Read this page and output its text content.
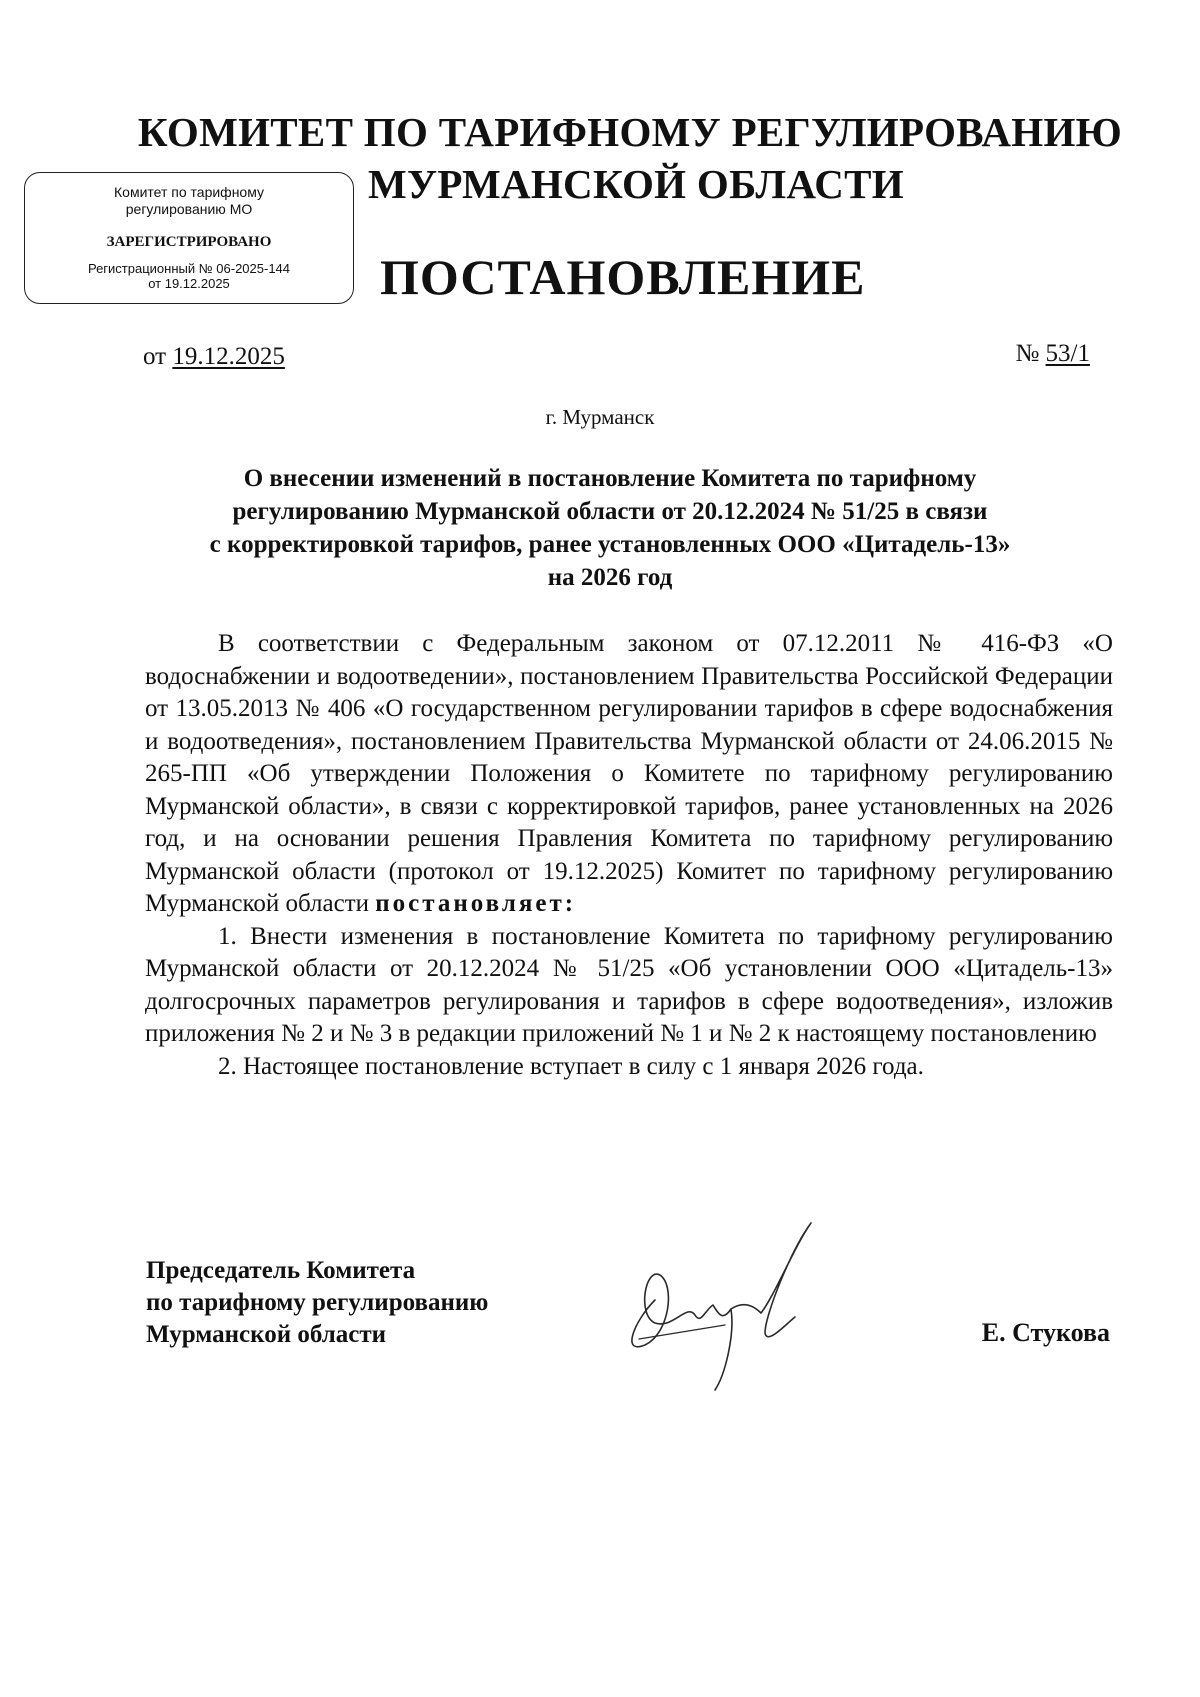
КОМИТЕТ ПО ТАРИФНОМУ РЕГУЛИРОВАНИЮ
МУРМАНСКОЙ ОБЛАСТИ
Комитет по тарифному регулированию МО
ЗАРЕГИСТРИРОВАНО
Регистрационный № 06-2025-144
от 19.12.2025	ПОСТАНОВЛЕНИЕ
от 19.12.2025	№ 53/1
г. Мурманск
О внесении изменений в постановление Комитета по тарифному
регулированию Мурманской области от 20.12.2024 № 51/25 в связи
с корректировкой тарифов, ранее установленных ООО «Цитадель-13»
на 2026 год

В соответствии с Федеральным законом от 07.12.2011 № 416-ФЗ «О водоснабжении и водоотведении», постановлением Правительства Российской Федерации от 13.05.2013 № 406 «О государственном регулировании тарифов в сфере водоснабжения и водоотведения», постановлением Правительства Мурманской области от 24.06.2015 № 265-ПП «Об утверждении Положения о Комитете по тарифному регулированию Мурманской области», в связи с корректировкой тарифов, ранее установленных на 2026 год, и на основании решения Правления Комитета по тарифному регулированию Мурманской области (протокол от 19.12.2025) Комитет по тарифному регулированию Мурманской области постановляет:

1. Внести изменения в постановление Комитета по тарифному регулированию Мурманской области от 20.12.2024 № 51/25 «Об установлении ООО «Цитадель-13» долгосрочных параметров регулирования и тарифов в сфере водоотведения», изложив приложения № 2 и № 3 в редакции приложений № 1 и № 2 к настоящему постановлению

2. Настоящее постановление вступает в силу с 1 января 2026 года.

Председатель Комитета
по тарифному регулированию
Мурманской области	Е. Стукова
